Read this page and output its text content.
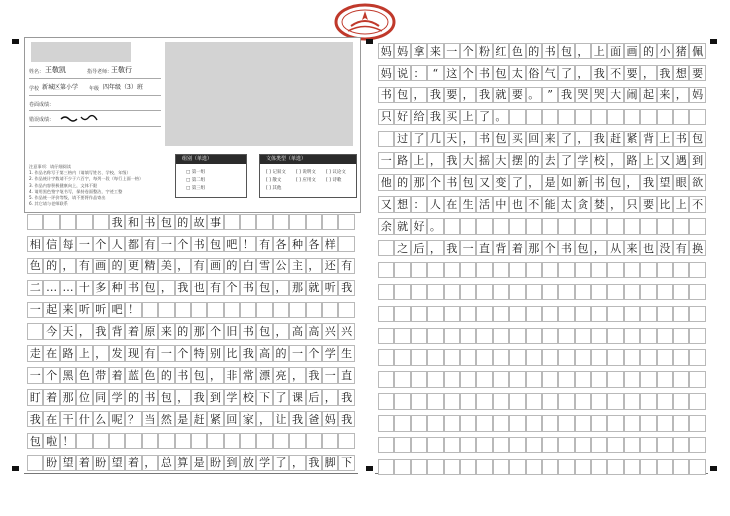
姓名： 王敬凯	指导老师：
王敬行
学校 新城区第小学 年级 四年级（3）班
卷面成绩：
错误成绩：

注意事项：请仔细阅读

1. 作品名称写于第三格内（请填写姓名、学校、年级）

2. 作品统计字数请不少于六百字，每列一段（每行上面一格）

3. 作品内容积极健康向上，文体不限

4. 请用黑色签字笔书写，保持卷面整洁，字迹工整

5. 作品统一评价等级，请不要将作品寄出

6. 其它请与老师联系

组别（单选）
□ 第一组
□ 第二组
□ 第三组
文体类型（单选）
[ ] 记叙文 [ ] 说明文 [ ] 议论文
[ ] 散文	[ ] 应用文 [ ] 诗歌
[ ] 其他

我 和 书 包 的 故 事

相 信 每 一 个 人 都 有 一 个 书 包 吧 ！ 有 各 种 各 样
色 的 ， 有 画 的 更 精 美 ， 有 画 的 白 雪 公 主 ， 还 有
二 … … 十 多 种 书 包 ， 我 也 有 个 书 包 ， 那 就 听 我
一 起 来 听 听 吧 ！

今 天 ， 我 背 着 原 来 的 那 个 旧 书 包 ， 高 高 兴 兴
走 在 路 上 ， 发 现 有 一 个 特 别 比 我 高 的 一 个 学 生
一 个 黑 色 带 着 蓝 色 的 书 包 ， 非 常 漂 亮 ， 我 一 直
盯 着 那 位 同 学 的 书 包 ， 我 到 学 校 下 了 课 后 ， 我
我 在 干 什 么 呢 ？ 当 然 是 赶 紧 回 家 ， 让 我 爸 妈 我
包 啦 ！

盼 望 着 盼 望 着 ， 总 算 是 盼 到 放 学 了 ， 我 脚 下
妈 妈 拿 来 一 个 粉 红 色 的 书 包 ， 上 面 画 的 小 猪 佩
妈 说 ： “ 这 个 书 包 太 俗 气 了 ， 我 不 要 ， 我 想 要
书 包 ， 我 要 ， 我 就 要 。 ” 我 哭 哭 大 闹 起 来 ， 妈
只 好 给 我 买 上 了 。

过 了 几 天 ， 书 包 买 回 来 了 ， 我 赶 紧 背 上 书 包
一 路 上 ， 我 大 摇 大 摆 的 去 了 学 校 ， 路 上 又 遇 到
他 的 那 个 书 包 又 变 了 ， 是 如 新 书 包 ， 我 望 眼 欲
又 想 ： 人 在 生 活 中 也 不 能 太 贪 婪 ， 只 要 比 上 不
余 就 好 。

之 后 ， 我 一 直 背 着 那 个 书 包 ， 从 来 也 没 有 换
